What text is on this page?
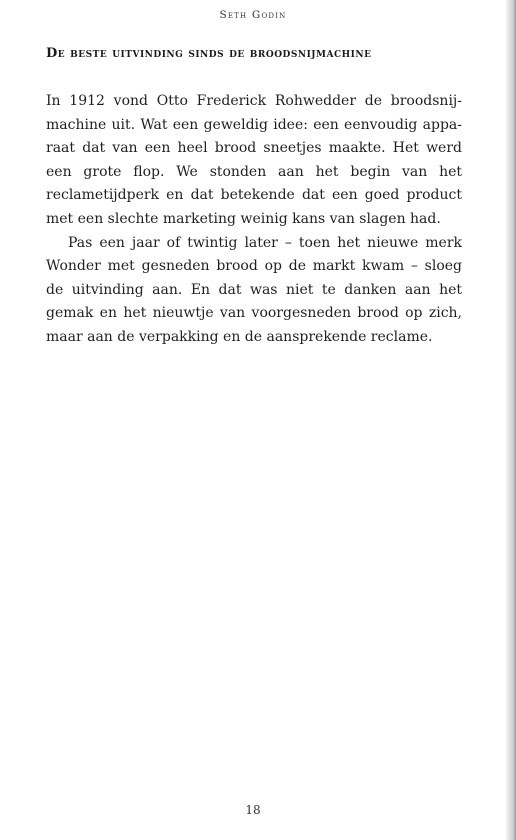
Seth Godin
De beste uitvinding sinds de broodsnijmachine

In 1912 vond Otto Frederick Rohwedder de broodsnijmachine uit. Wat een geweldig idee: een eenvoudig apparaat dat van een heel brood sneetjes maakte. Het werd een grote flop. We stonden aan het begin van het reclametijdperk en dat betekende dat een goed product met een slechte marketing weinig kans van slagen had.

Pas een jaar of twintig later – toen het nieuwe merk Wonder met gesneden brood op de markt kwam – sloeg de uitvinding aan. En dat was niet te danken aan het gemak en het nieuwtje van voorgesneden brood op zich, maar aan de verpakking en de aansprekende reclame.

18
